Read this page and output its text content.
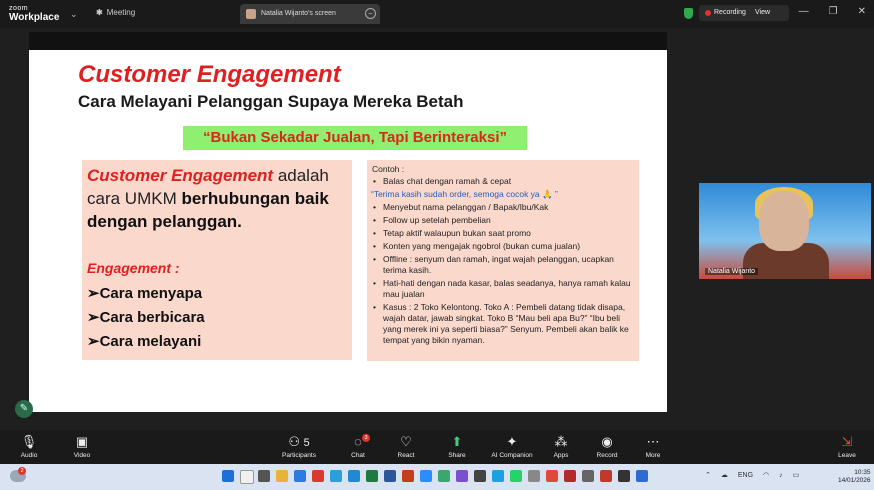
zoom
Workplace ⌄ ✱ Meeting	Natalia Wijanto's screen	–	Recording View	— ❐ ✕
Customer Engagement
Cara Melayani Pelanggan Supaya Mereka Betah
“Bukan Sekadar Jualan, Tapi Berinteraksi”
Customer Engagement adalah cara UMKM berhubungan baik dengan pelanggan.
Engagement :
➢Cara menyapa
➢Cara berbicara
➢Cara melayani
Contoh :
• Balas chat dengan ramah & cepat
“Terima kasih sudah order, semoga cocok ya 🙏 ”
• Menyebut nama pelanggan / Bapak/Ibu/Kak
• Follow up setelah pembelian
• Tetap aktif walaupun bukan saat promo
• Konten yang mengajak ngobrol (bukan cuma jualan)
• Offline : senyum dan ramah, ingat wajah pelanggan, ucapkan terima kasih.
• Hati-hati dengan nada kasar, balas seadanya, hanya ramah kalau mau jualan
• Kasus : 2 Toko Kelontong. Toko A : Pembeli datang tidak disapa, wajah datar, jawab singkat. Toko B “Mau beli apa Bu?” “Ibu beli yang merek ini ya seperti biasa?” Senyum. Pembeli akan balik ke tempat yang bikin nyaman.
✎
Natalia Wijanto
🎙
Audio
▣
Video
⚇ 5
Participants
3
◌
Chat
♡
React
⬆
Share
✦
AI Companion
⁂
Apps
◉
Record
⋯
More
⇲
Leave
2
⌃ ☁ ENG ◠ ♪ ▭	10:35
14/01/2026
